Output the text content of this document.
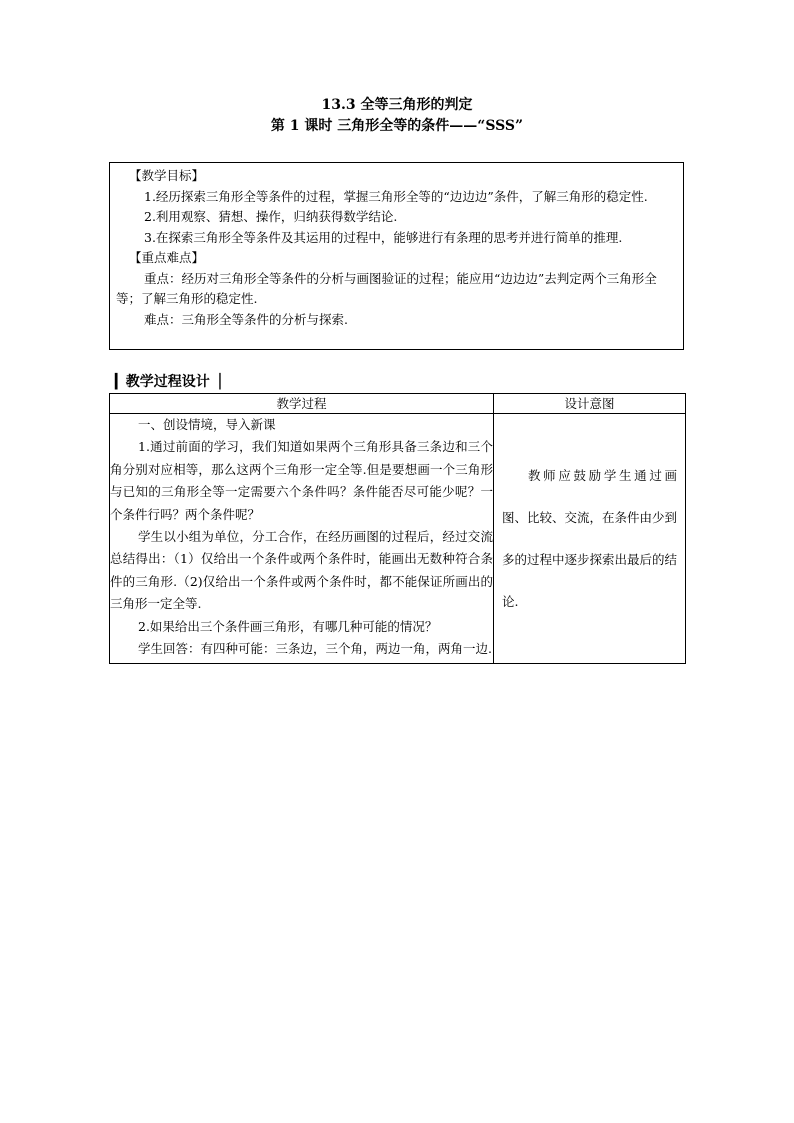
13.3 全等三角形的判定
第 1 课时 三角形全等的条件——“SSS”

【教学目标】

1.经历探索三角形全等条件的过程，掌握三角形全等的“边边边”条件，了解三角形的稳定性.

2.利用观察、猜想、操作，归纳获得数学结论.

3.在探索三角形全等条件及其运用的过程中，能够进行有条理的思考并进行简单的推理.

【重点难点】

重点：经历对三角形全等条件的分析与画图验证的过程；能应用“边边边”去判定两个三角形全等；了解三角形的稳定性.

难点：三角形全等条件的分析与探索.

▎教学过程设计▕
教学过程	设计意图

一、创设情境，导入新课

1.通过前面的学习，我们知道如果两个三角形具备三条边和三个角分别对应相等，那么这两个三角形一定全等.但是要想画一个三角形与已知的三角形全等一定需要六个条件吗？条件能否尽可能少呢？一个条件行吗？两个条件呢？

学生以小组为单位，分工合作，在经历画图的过程后，经过交流总结得出：（1）仅给出一个条件或两个条件时，能画出无数种符合条件的三角形.（2)仅给出一个条件或两个条件时，都不能保证所画出的三角形一定全等.

2.如果给出三个条件画三角形，有哪几种可能的情况？

学生回答：有四种可能：三条边，三个角，两边一角，两角一边.	教师应鼓励学生通过画图、比较、交流，在条件由少到多的过程中逐步探索出最后的结论.
